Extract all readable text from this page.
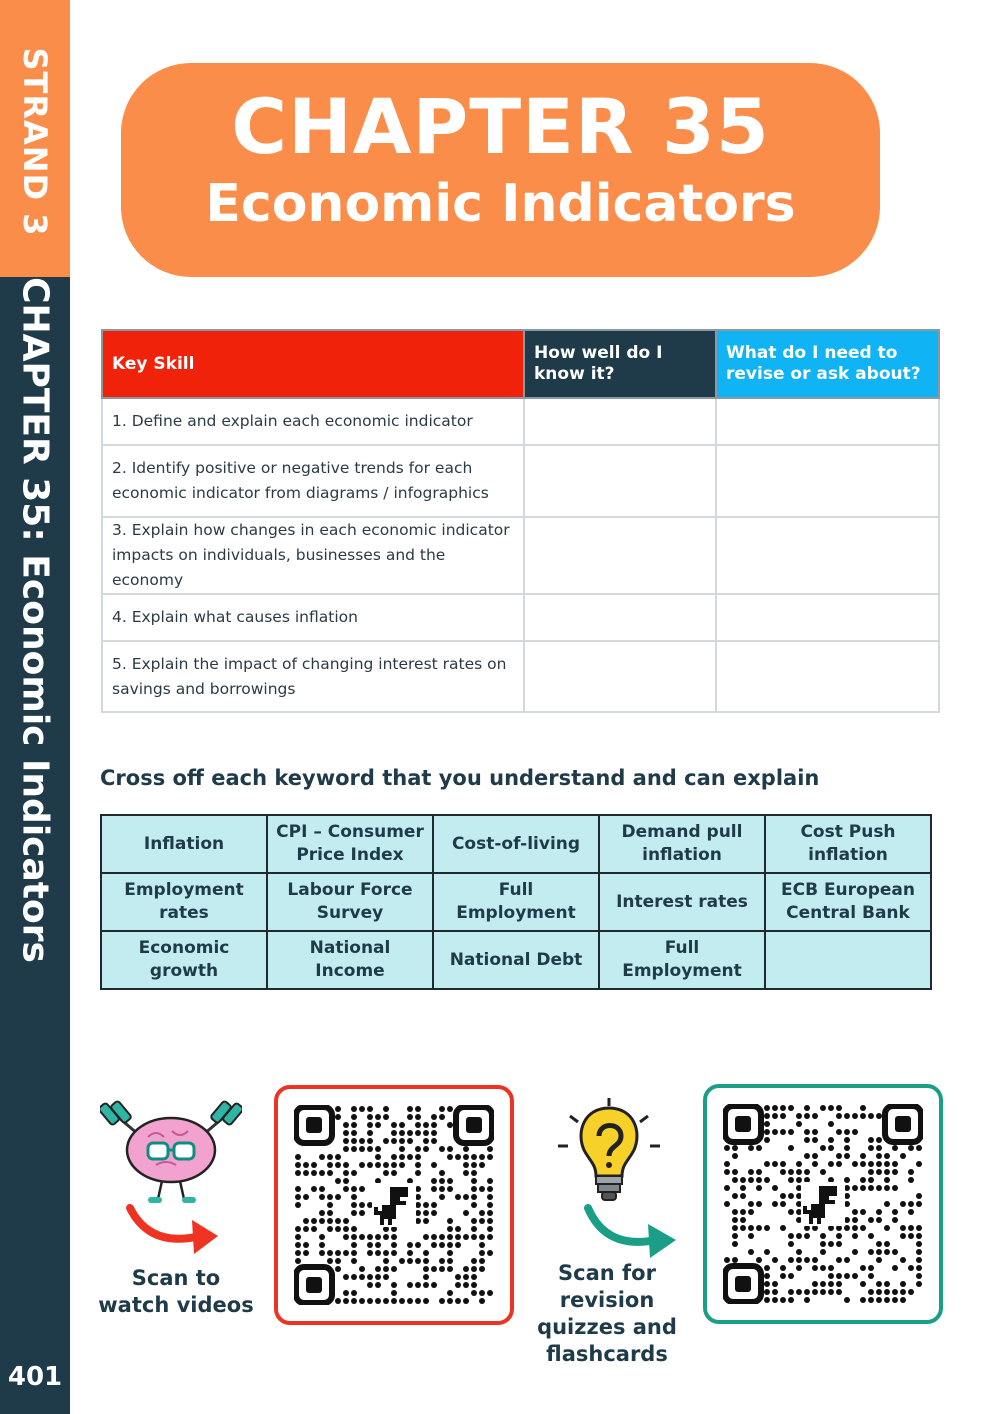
STRAND 3
CHAPTER 35: Economic Indicators
401
CHAPTER 35
Economic Indicators
Key Skill	How well do I know it?	What do I need to revise or ask about?
1. Define and explain each economic indicator		
2. Identify positive or negative trends for each economic indicator from diagrams / infographics		
3. Explain how changes in each economic indicator impacts on individuals, businesses and the economy		
4. Explain what causes inflation		
5. Explain the impact of changing interest rates on savings and borrowings		
Cross off each keyword that you understand and can explain
Inflation	CPI – Consumer Price Index	Cost-of-living	Demand pull inflation	Cost Push inflation
Employment rates	Labour Force Survey	Full Employment	Interest rates	ECB European Central Bank
Economic growth	National Income	National Debt	Full Employment	
Scan to watch videos
Scan for revision quizzes and flashcards
